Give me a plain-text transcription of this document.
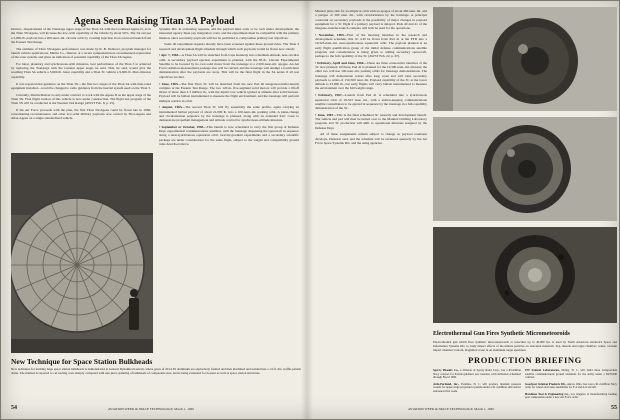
Agena Seen Raising Titan 3A Payload

Denver—Replacement of the Transtage upper stage of the Titan 3A with the Lockheed Agena D, as in the Titan 3X/Agena, will increase the low-orbit capability of the vehicle by about 50%. The 3A can put a 5,000-lb. payload into a 400-naut.-mi. circular orbit by coasting injection in an eastward launch from the Eastern Test Range.

The estimate of Titan 3X/Agena performance was made by R. B. Demoret, program manager for launch vehicle applications, Martin Co., Denver, at a recent symposium here on unmanned exploration of the solar system, and gives an indication of potential capability of the Titan 3X/Agena.

For lunar, planetary and synchronous-orbit missions, best performance of the Titan 3 is achieved by replacing the Transtage with the Centaur upper stage, he said. This, he said, would give the resulting Titan 3A vehicle a 5,900-lb. lunar capability and a Titan 3C vehicle a 9,600-lb. Mars mission capability.

It was reported that guidance on the Titan 3X—the first two stages of the Titan 3A with man-rated equipment installed—would be changed to radio guidance from the inertial system used on the Titan 3.

Currently, Martin/Denver is only under contract to work with the Agena D as the upper stage of the Titan 3X. First flight version of this vehicle is now under construction. The flight test program of the Titan 3X will be conducted at the Western Test Range (AWST Feb. 8, p. 25).

If the Air Force proceeds with the plan, the first Titan 3X/Agena could be flown late in 1966, consolidating reconnaissance and other low-orbit military payloads now carried by Thor-Agena and Atlas-Agena on a single standardized vehicle.

Systems Div. in evaluating requests, and the payload must exist or be well under development; the interested agency must pay integration costs; and the experiment must be compatible with the primary mission, since secondary payloads will not be permitted to compromise primary test objectives.

Some 40 experiment requests already have been screened against these ground rules. The Titan 3 research and development flight schedule through which such payloads would be flown now stands:

• Apr. 7, 1965—A Titan 3A will be launched from Cape Kennedy into a medium-altitude, near-circular orbit. A secondary payload ejection experiment is planned, with the 85-lb. Lincoln Experimental Satellite to be boosted by its own solid motor from the transtage to a 2,500-naut.-mi. apogee. An Air Force radiation measurement package also will be carried, and the transtage will attempt a fourth-burn demonstration after the payloads are away. This will be the final flight in the 3A series if all test objectives are met.

• June, 1965—The first Titan 3C will be launched from the new Pad 40 integrate-transfer-launch complex at the Eastern Test Range. The two 120-in. five-segment solid motors will provide a liftoff thrust of more than 2.3 million lb., with the liquid core vehicle ignited at altitude after solid burnout. Payload will be ballast instrumented to measure the flight environment, and the transtage will perform multiple restarts in orbit.

• August, 1965—The second Titan 3C will fly essentially the same profile, again carrying an instrumented ballast payload of about 21,000 lb. into a 100-naut.-mi. parking orbit. A plane-change and circularization sequence by the transtage is planned, along with an extended 6-hr. coast to demonstrate propellant management and attitude control for synchronous-altitude missions.

• September or October, 1965—This launch is now scheduled to carry the first group of Defense Dept. experimental communications satellites, with the transtage dispensing the spacecraft in sequence along a near-synchronous equatorial orbit. Gravity-gradient experiments and a secondary scientific package are under consideration for the same flight, subject to the weight and compatibility ground rules described above.

New Technique for Space Station Bulkheads
New technique for forming large space station bulkheads is demonstrated at General Dynamics/Convair, where gores of 2014-T6 aluminum are explosively formed and then machined and welded into a 14-ft.-dia. waffle-pattern dome. The method is reported to cut tooling costs sharply compared with one-piece spinning of bulkheads of comparable size, and is being evaluated for booster as well as space station structures.
54	AVIATION WEEK & SPACE TECHNOLOGY, March 1, 1965

Mission plan calls for an elliptical orbit with an apogee of about 400 naut. mi. and a perigee of 300 naut. mi., with circularization by the transtage. A principal constraint on secondary payloads is the possibility of major changes in payload equipment for a 3C flight if a primary payload is delayed. Pads 40 and 41 of the integrate-transfer-launch complex will both be used for the operations.

• November, 1965—First of the morning launches in the research and development schedule, this 3C will be flown from Pad 41 at the ETR into a 19,323-naut.-mi. near-synchronous equatorial orbit. The payload planned is an early flight qualification group of the initial defense communications satellite program, and consideration is being given to adding secondary spacecraft, perhaps to the full capability of the 3C (AWST Feb. 22, p. 67).

• February, April and June, 1966—These are three consecutive launches of the 3C now planned. Of these, Pad 41 is planned for the 19,300-naut.-mi. mission; the other two will use 100-naut.-mi. parking orbits for transtage demonstrations. The transtage will demonstrate restart after long coast and will raise secondary payloads to orbits of 150-500 naut. mi. Payload capability of the 3C at the lower altitude is 23,000 lb., but early flights will carry ballast instrumented to measure the environment over the full weight range.

• February, 1967—Launch from Pad 41 is scheduled into a synchronous equatorial orbit of 19,323 naut. mi., with a station-keeping communications satellite constellation to be ejected in sequence by the transtage in a full-capability demonstration of the 3C.

• June, 1967—This is the final scheduled 3C research and development launch. The vehicle and pad will then be turned over to the Manned Orbiting Laboratory program, and 3C production will shift to operational missions assigned by the Defense Dept.

All of these assignments remain subject to change as payload readiness develops, Demoret said, and the schedule will be reviewed quarterly by the Air Force Space Systems Div. and the using agencies.

Electrothermal Gun Fires Synthetic Micrometeoroids
Electrothermal gun which fires synthetic micrometeoroids at velocities up to 40,000 fps. is used by North American Aviation's Space and Information Systems Div. to study impact effects of the minute particles on structural materials. Top, muzzle and target chamber; center, vacuum impact chamber; bottom, magnified crater in an aluminum target specimen.
PRODUCTION BRIEFING

Sperry Phoenix Co., a division of Sperry Rand Corp., has a $5-million Navy contract for Polaris guidance test consoles, with deliveries scheduled through Fiscal 1966.

Arde-Portland, Inc., Paramus, N. J., will produce titanium pressure vessels for upper-stage propulsion systems under a $1.4-million subcontract announced last week.

ITT Federal Laboratories, Nutley, N. J., will build three transportable satellite communications ground terminals for the Army under a $970,000 contract.

Goodyear Aviation Products Div., Akron, Ohio, has won a $1.2-million Navy order for wheel and brake assemblies for F-4 and A-6 aircraft.

Hardman Tool & Engineering Co., Los Angeles, is manufacturing landing gear components under a new Air Force order.

AVIATION WEEK & SPACE TECHNOLOGY, March 1, 1965	55
